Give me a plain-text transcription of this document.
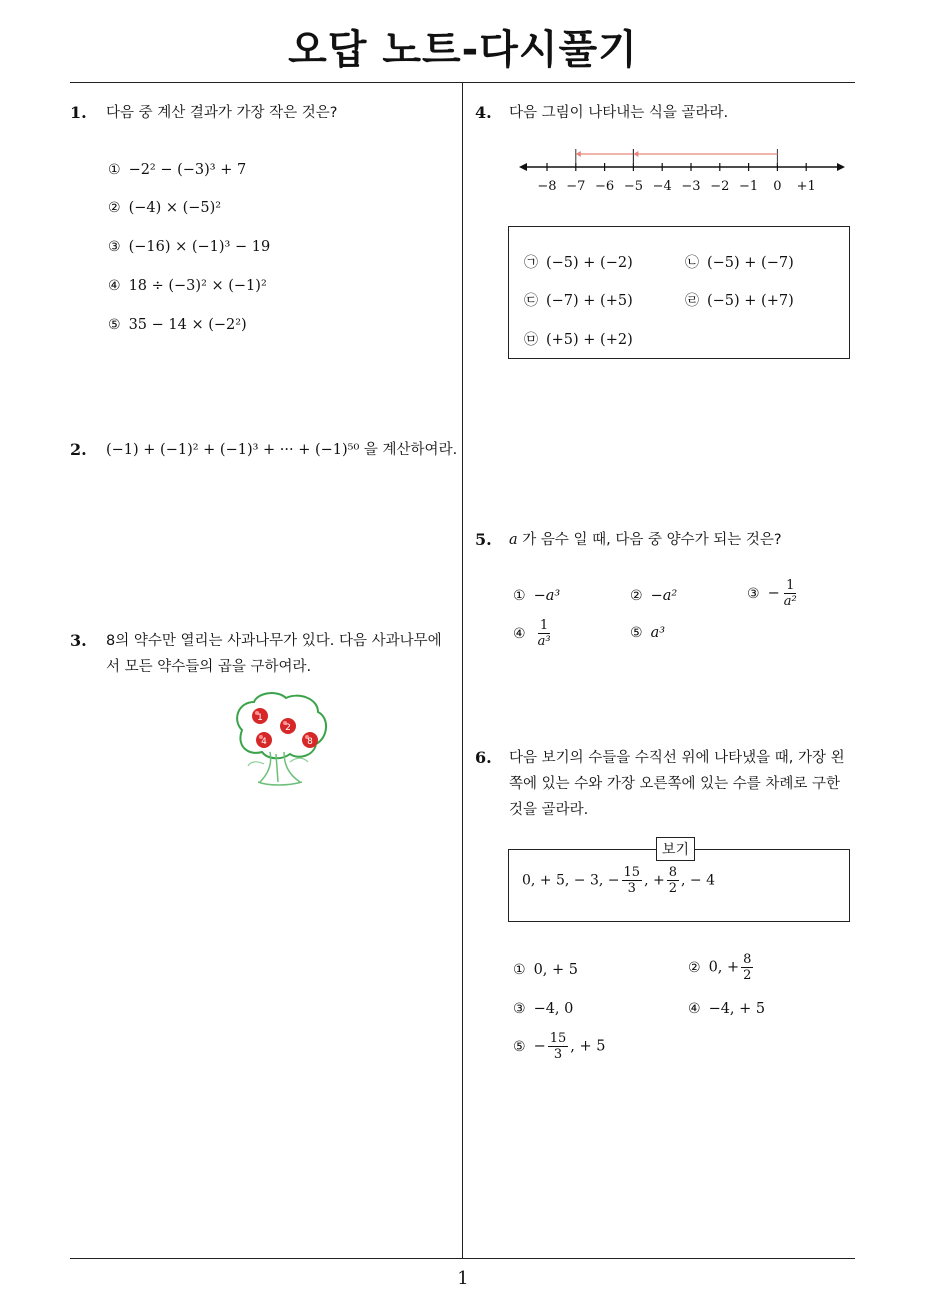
오답 노트-다시풀기
1. 다음 중 계산 결과가 가장 작은 것은?
① −2² − (−3)³ + 7
② (−4) × (−5)²
③ (−16) × (−1)³ − 19
④ 18 ÷ (−3)² × (−1)²
⑤ 35 − 14 × (−2²)
2. (−1) + (−1)² + (−1)³ + ··· + (−1)⁵⁰ 을 계산하여라.
3. 8의 약수만 열리는 사과나무가 있다. 다음 사과나무에
서 모든 약수들의 곱을 구하여라.
1
2
4	8
4. 다음 그림이 나타내는 식을 골라라.
−8 −7 −6 −5 −4 −3 −2 −1 0 +1
㉠ (−5) + (−2)	㉡ (−5) + (−7)
㉢ (−7) + (+5)	㉣ (−5) + (+7)
㉤ (+5) + (+2)
5. a 가 음수 일 때, 다음 중 양수가 되는 것은?
① −a³	② −a²	③ − $\frac{1}{\text{a²}}$
④ $\frac{1}{\text{a³}}$	⑤ a³
6. 다음 보기의 수들을 수직선 위에 나타냈을 때, 가장 왼
쪽에 있는 수와 가장 오른쪽에 있는 수를 차례로 구한
것을 골라라.
보기
0, + 5, − 3, − $\frac{15}{3}$ , + $\frac{8}{2}$ , − 4
① 0, + 5	② 0, + $\frac{8}{2}$
③ −4, 0	④ −4, + 5
⑤ − $\frac{15}{3}$ , + 5
1
